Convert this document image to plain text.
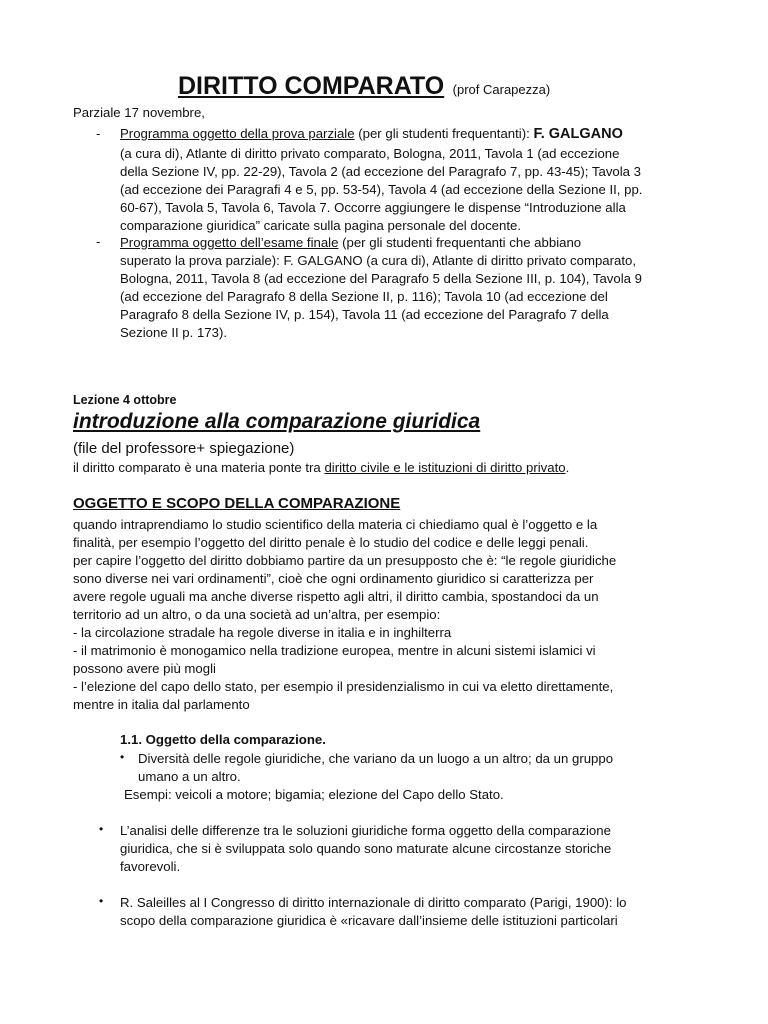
DIRITTO COMPARATO (prof Carapezza)
Parziale 17 novembre,
- Programma oggetto della prova parziale (per gli studenti frequentanti): F. GALGANO
(a cura di), Atlante di diritto privato comparato, Bologna, 2011, Tavola 1 (ad eccezione
della Sezione IV, pp. 22-29), Tavola 2 (ad eccezione del Paragrafo 7, pp. 43-45); Tavola 3
(ad eccezione dei Paragrafi 4 e 5, pp. 53-54), Tavola 4 (ad eccezione della Sezione II, pp.
60-67), Tavola 5, Tavola 6, Tavola 7. Occorre aggiungere le dispense “Introduzione alla
comparazione giuridica” caricate sulla pagina personale del docente.
- Programma oggetto dell’esame finale (per gli studenti frequentanti che abbiano
superato la prova parziale): F. GALGANO (a cura di), Atlante di diritto privato comparato,
Bologna, 2011, Tavola 8 (ad eccezione del Paragrafo 5 della Sezione III, p. 104), Tavola 9
(ad eccezione del Paragrafo 8 della Sezione II, p. 116); Tavola 10 (ad eccezione del
Paragrafo 8 della Sezione IV, p. 154), Tavola 11 (ad eccezione del Paragrafo 7 della
Sezione II p. 173).
Lezione 4 ottobre
introduzione alla comparazione giuridica
(file del professore+ spiegazione)
il diritto comparato è una materia ponte tra diritto civile e le istituzioni di diritto privato.
OGGETTO E SCOPO DELLA COMPARAZIONE
quando intraprendiamo lo studio scientifico della materia ci chiediamo qual è l’oggetto e la
finalità, per esempio l’oggetto del diritto penale è lo studio del codice e delle leggi penali.
per capire l’oggetto del diritto dobbiamo partire da un presupposto che è: “le regole giuridiche
sono diverse nei vari ordinamenti”, cioè che ogni ordinamento giuridico si caratterizza per
avere regole uguali ma anche diverse rispetto agli altri, il diritto cambia, spostandoci da un
territorio ad un altro, o da una società ad un’altra, per esempio:
- la circolazione stradale ha regole diverse in italia e in inghilterra
- il matrimonio è monogamico nella tradizione europea, mentre in alcuni sistemi islamici vi
possono avere più mogli
- l’elezione del capo dello stato, per esempio il presidenzialismo in cui va eletto direttamente,
mentre in italia dal parlamento
1.1. Oggetto della comparazione.
• Diversità delle regole giuridiche, che variano da un luogo a un altro; da un gruppo
umano a un altro.
Esempi: veicoli a motore; bigamia; elezione del Capo dello Stato.
• L’analisi delle differenze tra le soluzioni giuridiche forma oggetto della comparazione
giuridica, che si è sviluppata solo quando sono maturate alcune circostanze storiche
favorevoli.
• R. Saleilles al I Congresso di diritto internazionale di diritto comparato (Parigi, 1900): lo
scopo della comparazione giuridica è «ricavare dall’insieme delle istituzioni particolari
